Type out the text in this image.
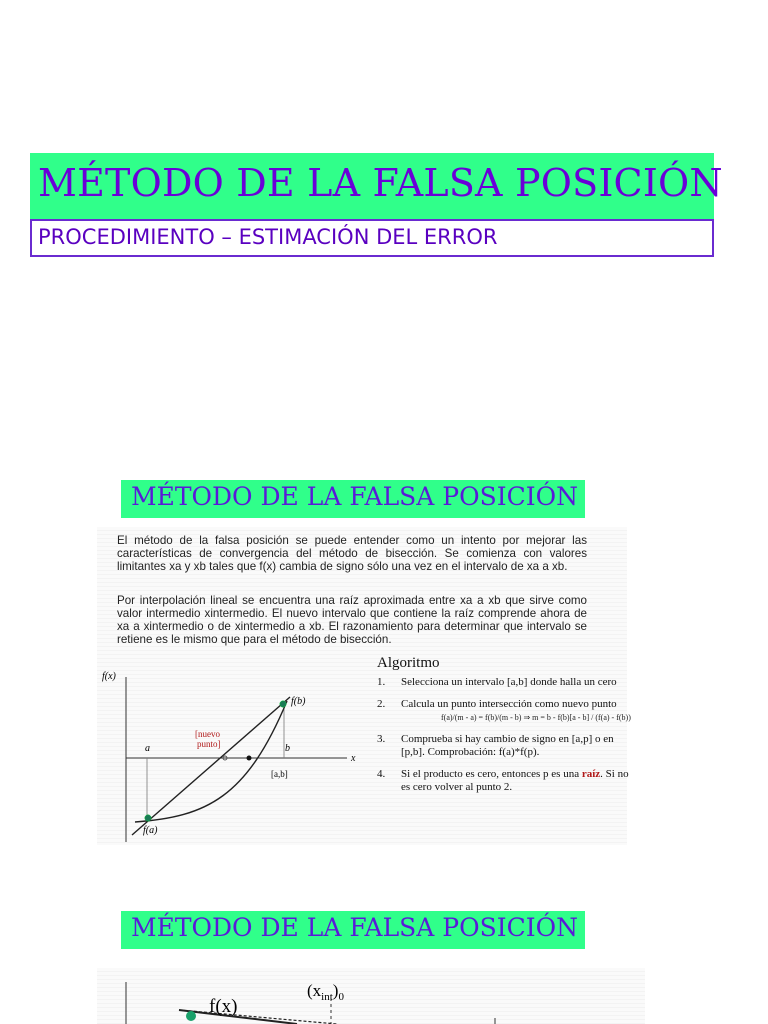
MÉTODO DE LA FALSA POSICIÓN
PROCEDIMIENTO – ESTIMACIÓN DEL ERROR
MÉTODO DE LA FALSA POSICIÓN

El método de la falsa posición se puede entender como un intento por mejorar las características de convergencia del método de bisección. Se comienza con valores limitantes xa y xb tales que f(x) cambia de signo sólo una vez en el intervalo de xa a xb.

Por interpolación lineal se encuentra una raíz aproximada entre xa a xb que sirve como valor intermedio xintermedio. El nuevo intervalo que contiene la raíz comprende ahora de xa a xintermedio o de xintermedio a xb. El razonamiento para determinar que intervalo se retiene es le mismo que para el método de bisección.

f(x)
x
f(b)
f(a)
a	b
[nuevo
punto]
[a,b]

Algoritmo

1. Selecciona un intervalo [a,b] donde halla un cero
2. Calcula un punto intersección como nuevo punto
f(a)/(m - a) = f(b)/(m - b) ⇒ m = b - f(b)[a - b] / (f(a) - f(b))
3. Comprueba si hay cambio de signo en [a,p] o en [p,b]. Comprobación: f(a)*f(p).
4. Si el producto es cero, entonces p es una raíz. Si no es cero volver al punto 2.
MÉTODO DE LA FALSA POSICIÓN
f(x)
$(x_{int})_0$
